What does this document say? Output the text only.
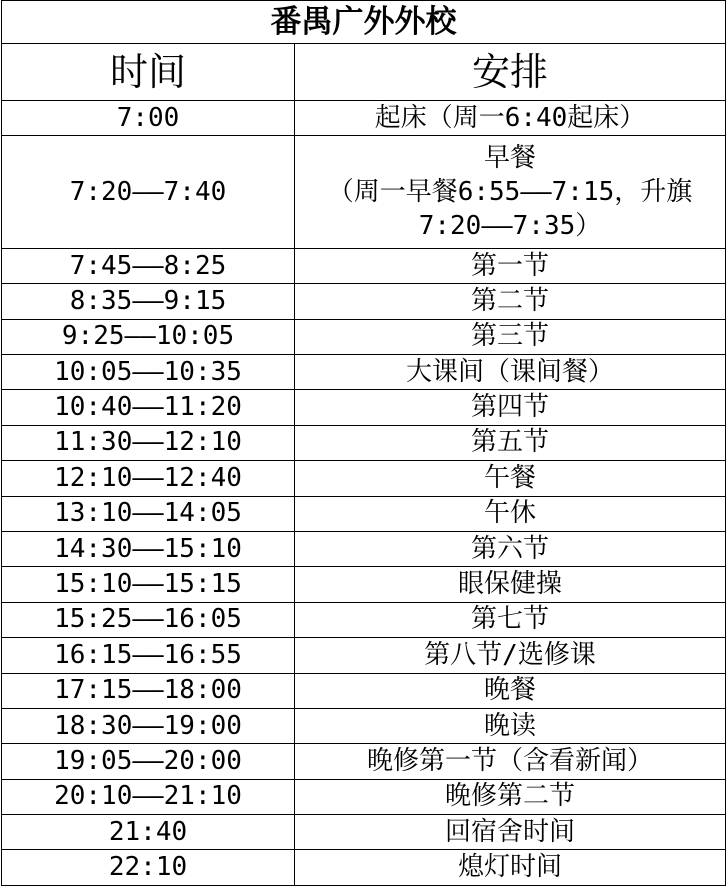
番禺广外外校	
时间	安排
7:00	起床（周一6:40起床）
7:20——7:40	早餐
（周一早餐6:55——7:15，升旗7:20——7:35）
7:45——8:25	第一节
8:35——9:15	第二节
9:25——10:05	第三节
10:05——10:35	大课间（课间餐）
10:40——11:20	第四节
11:30——12:10	第五节
12:10——12:40	午餐
13:10——14:05	午休
14:30——15:10	第六节
15:10——15:15	眼保健操
15:25——16:05	第七节
16:15——16:55	第八节/选修课
17:15——18:00	晚餐
18:30——19:00	晚读
19:05——20:00	晚修第一节（含看新闻）
20:10——21:10	晚修第二节
21:40	回宿舍时间
22:10	熄灯时间
